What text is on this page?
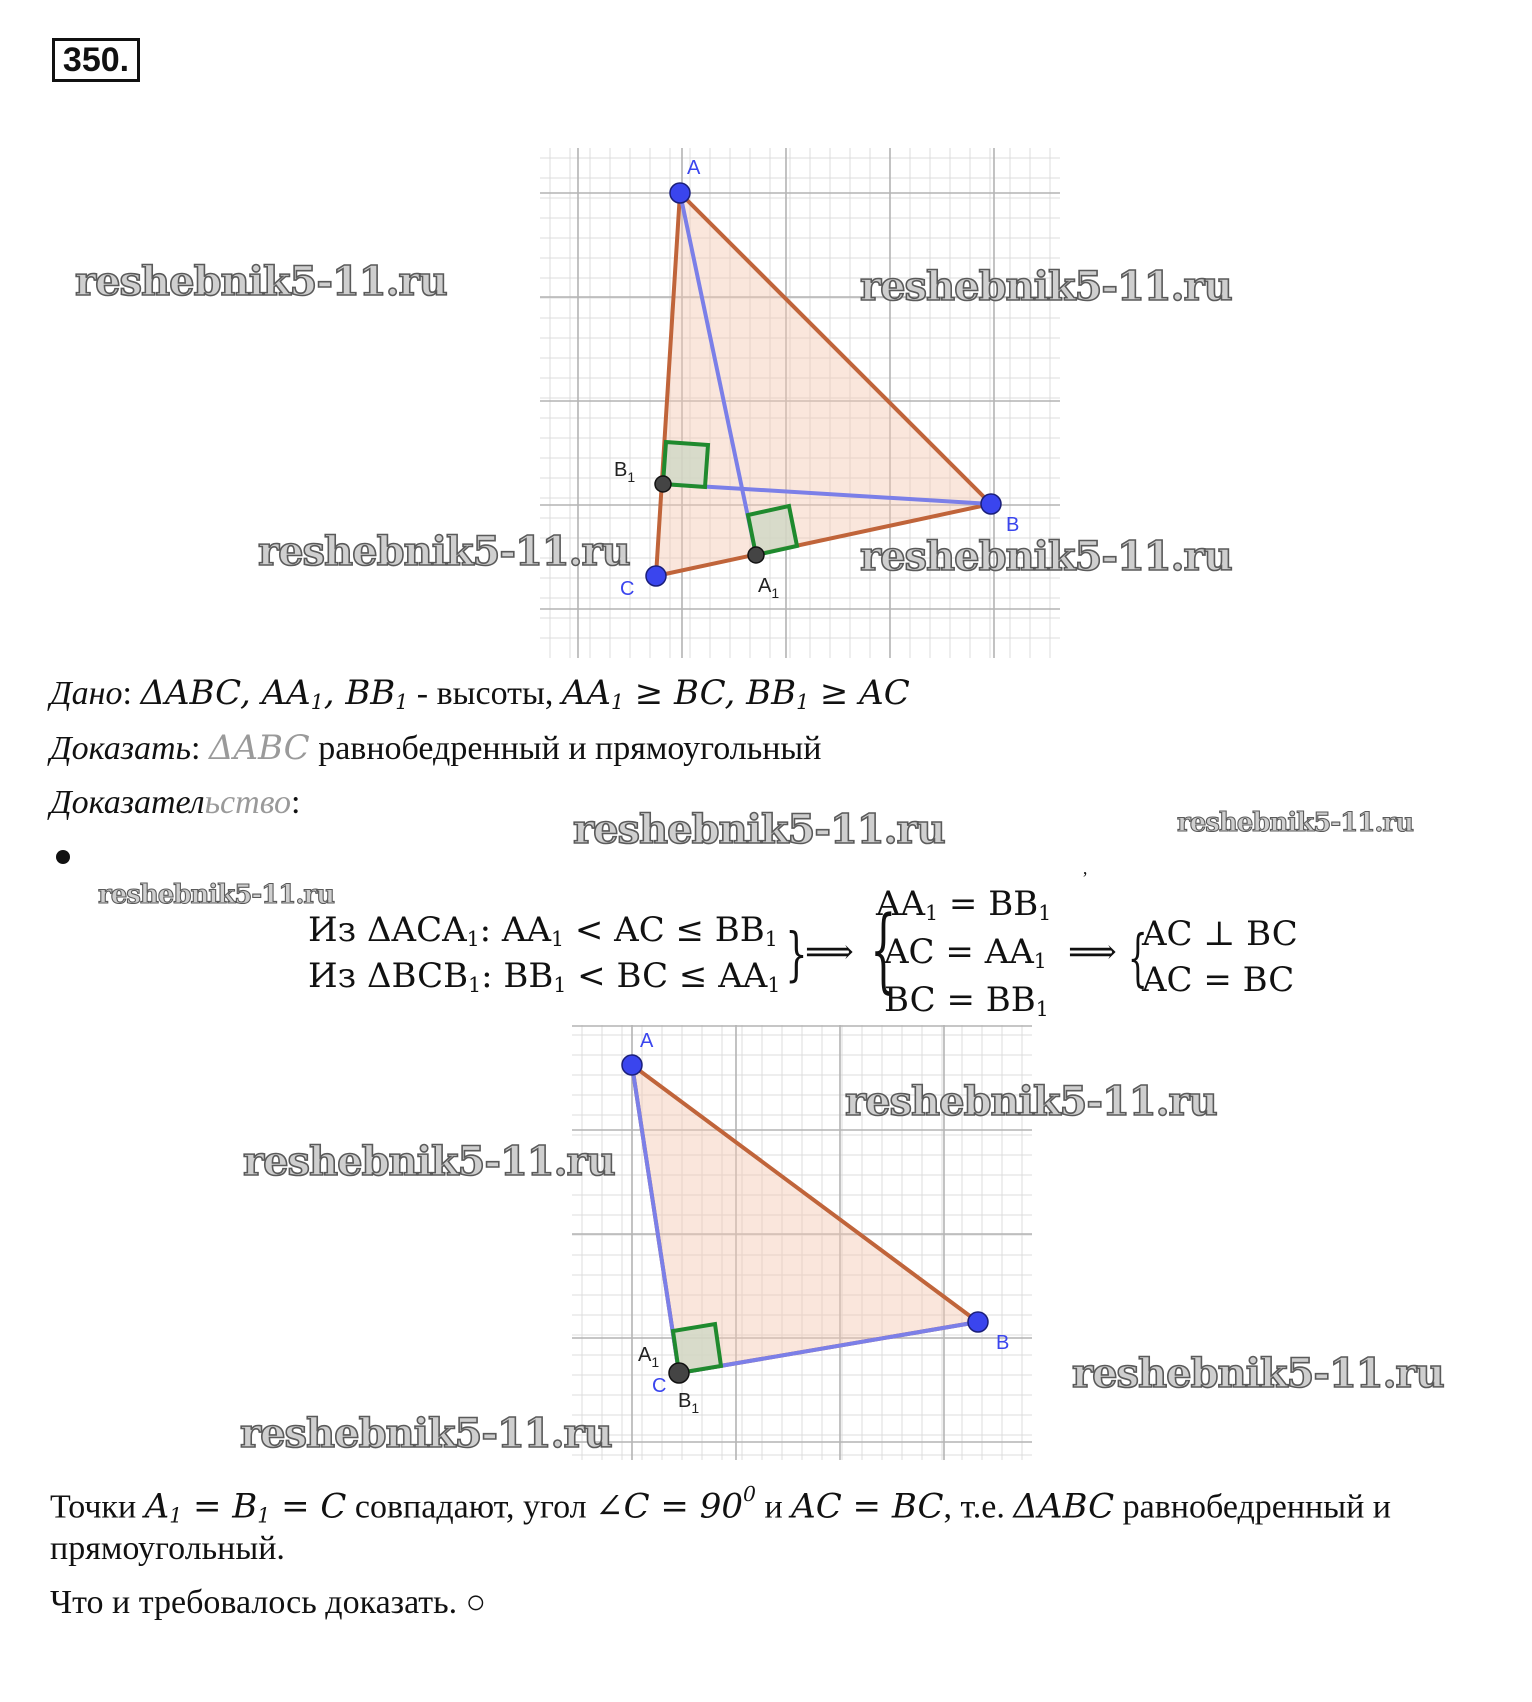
350.
A
B
C
$B_1$
$A_1$
reshebnik5-11.ru	reshebnik5-11.ru
reshebnik5-11.ru	reshebnik5-11.ru
Дано: ΔABC, $AA_1$, $BB_1$ - высоты, $AA_1$ ≥ BC, $BB_1$ ≥ AC
Доказать: ΔABC равнобедренный и прямоугольный
Доказательство:
reshebnik5-11.ru	reshebnik5-11.ru
ʼ
reshebnik5-11.ru
Из $\Delta ACA_1$: $AA_1$ < AC ≤ $BB_1$
Из $\Delta BCB_1$: $BB_1$ < BC ≤ $AA_1$ }
⟹ {
$AA_1 = BB_1$
AC = $AA_1$
BC = $BB_1$
⟹ {
AC ⊥ BC
AC = BC
A
B
C
$A_1$
$B_1$
reshebnik5-11.ru
reshebnik5-11.ru
reshebnik5-11.ru
reshebnik5-11.ru
Точки $A_1 = B_1 = C$ совпадают, угол ∠C = $90^0$ и AC = BC, т.е. ΔABC равнобедренный и
прямоугольный.
Что и требовалось доказать. ○
